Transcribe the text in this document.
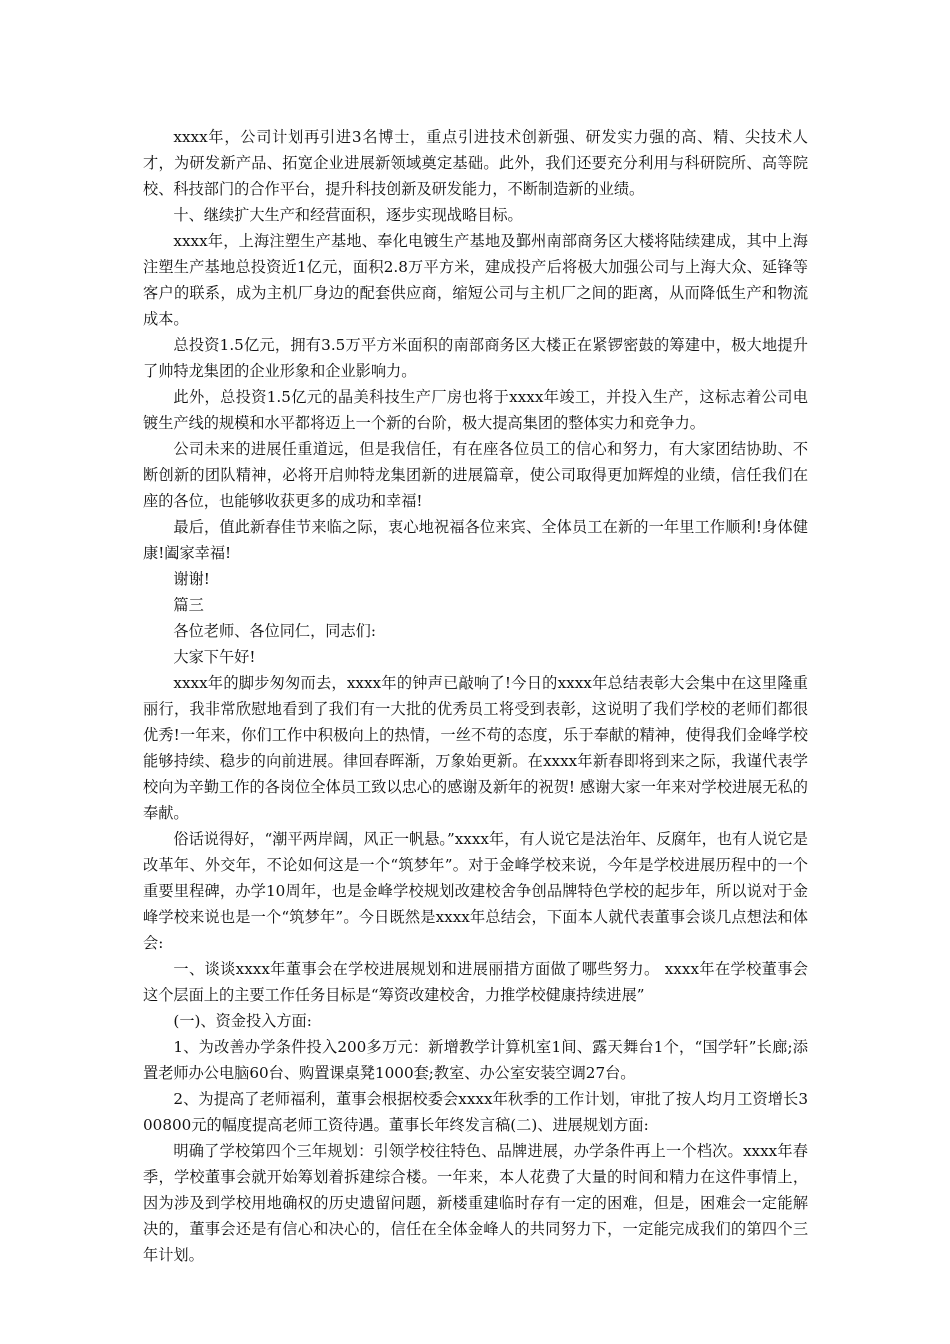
xxxx年，公司计划再引进3名博士，重点引进技术创新强、研发实力强的高、精、尖技术人才，为研发新产品、拓宽企业进展新领域奠定基础。此外，我们还要充分利用与科研院所、高等院校、科技部门的合作平台，提升科技创新及研发能力，不断制造新的业绩。

十、继续扩大生产和经营面积，逐步实现战略目标。

xxxx年，上海注塑生产基地、奉化电镀生产基地及鄞州南部商务区大楼将陆续建成，其中上海注塑生产基地总投资近1亿元，面积2.8万平方米，建成投产后将极大加强公司与上海大众、延锋等客户的联系，成为主机厂身边的配套供应商，缩短公司与主机厂之间的距离，从而降低生产和物流成本。

总投资1.5亿元，拥有3.5万平方米面积的南部商务区大楼正在紧锣密鼓的筹建中，极大地提升了帅特龙集团的企业形象和企业影响力。

此外，总投资1.5亿元的晶美科技生产厂房也将于xxxx年竣工，并投入生产，这标志着公司电镀生产线的规模和水平都将迈上一个新的台阶，极大提高集团的整体实力和竞争力。

公司未来的进展任重道远，但是我信任，有在座各位员工的信心和努力，有大家团结协助、不断创新的团队精神，必将开启帅特龙集团新的进展篇章，使公司取得更加辉煌的业绩，信任我们在座的各位，也能够收获更多的成功和幸福!

最后，值此新春佳节来临之际，衷心地祝福各位来宾、全体员工在新的一年里工作顺利!身体健康!阖家幸福!

谢谢!

篇三

各位老师、各位同仁，同志们:

大家下午好!

xxxx年的脚步匆匆而去，xxxx年的钟声已敲响了!今日的xxxx年总结表彰大会集中在这里隆重丽行，我非常欣慰地看到了我们有一大批的优秀员工将受到表彰，这说明了我们学校的老师们都很优秀!一年来，你们工作中积极向上的热情，一丝不苟的态度，乐于奉献的精神，使得我们金峰学校能够持续、稳步的向前进展。律回春晖渐，万象始更新。在xxxx年新春即将到来之际，我谨代表学校向为辛勤工作的各岗位全体员工致以忠心的感谢及新年的祝贺! 感谢大家一年来对学校进展无私的奉献。

俗话说得好，“潮平两岸阔，风正一帆悬。”xxxx年，有人说它是法治年、反腐年，也有人说它是改革年、外交年，不论如何这是一个“筑梦年”。对于金峰学校来说，今年是学校进展历程中的一个重要里程碑，办学10周年，也是金峰学校规划改建校舍争创品牌特色学校的起步年，所以说对于金峰学校来说也是一个“筑梦年”。今日既然是xxxx年总结会，下面本人就代表董事会谈几点想法和体会:

一、谈谈xxxx年董事会在学校进展规划和进展丽措方面做了哪些努力。 xxxx年在学校董事会这个层面上的主要工作任务目标是“筹资改建校舍，力推学校健康持续进展”

(一)、资金投入方面:

1、为改善办学条件投入200多万元：新增教学计算机室1间、露天舞台1个，“国学轩”长廊;添置老师办公电脑60台、购置课桌凳1000套;教室、办公室安装空调27台。

2、为提高了老师福利，董事会根据校委会xxxx年秋季的工作计划，审批了按人均月工资增长300800元的幅度提高老师工资待遇。董事长年终发言稿(二)、进展规划方面:

明确了学校第四个三年规划：引领学校往特色、品牌进展，办学条件再上一个档次。xxxx年春季，学校董事会就开始筹划着拆建综合楼。一年来，本人花费了大量的时间和精力在这件事情上，因为涉及到学校用地确权的历史遗留问题，新楼重建临时存有一定的困难，但是，困难会一定能解决的，董事会还是有信心和决心的，信任在全体金峰人的共同努力下，一定能完成我们的第四个三年计划。
